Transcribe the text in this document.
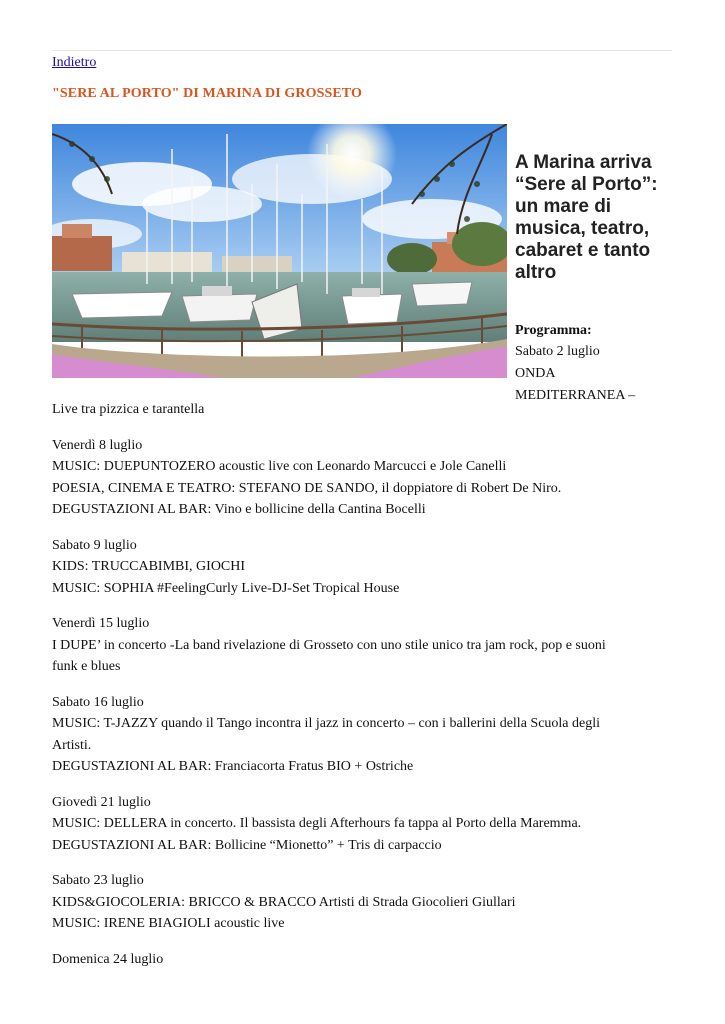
Indietro
"SERE AL PORTO" DI MARINA DI GROSSETO
A Marina arriva “Sere al Porto”: un mare di musica, teatro, cabaret e tanto altro
Programma:
Sabato 2 luglio
ONDA
MEDITERRANEA –

Live tra pizzica e tarantella

Venerdì 8 luglio
MUSIC: DUEPUNTOZERO acoustic live con Leonardo Marcucci e Jole Canelli
POESIA, CINEMA E TEATRO: STEFANO DE SANDO, il doppiatore di Robert De Niro.
DEGUSTAZIONI AL BAR: Vino e bollicine della Cantina Bocelli

Sabato 9 luglio
KIDS: TRUCCABIMBI, GIOCHI
MUSIC: SOPHIA #FeelingCurly Live-DJ-Set Tropical House

Venerdì 15 luglio
I DUPE’ in concerto -La band rivelazione di Grosseto con uno stile unico tra jam rock, pop e suoni
funk e blues

Sabato 16 luglio
MUSIC: T-JAZZY quando il Tango incontra il jazz in concerto – con i ballerini della Scuola degli
Artisti.
DEGUSTAZIONI AL BAR: Franciacorta Fratus BIO + Ostriche

Giovedì 21 luglio
MUSIC: DELLERA in concerto. Il bassista degli Afterhours fa tappa al Porto della Maremma.
DEGUSTAZIONI AL BAR: Bollicine “Mionetto” + Tris di carpaccio

Sabato 23 luglio
KIDS&GIOCOLERIA: BRICCO & BRACCO Artisti di Strada Giocolieri Giullari
MUSIC: IRENE BIAGIOLI acoustic live

Domenica 24 luglio
